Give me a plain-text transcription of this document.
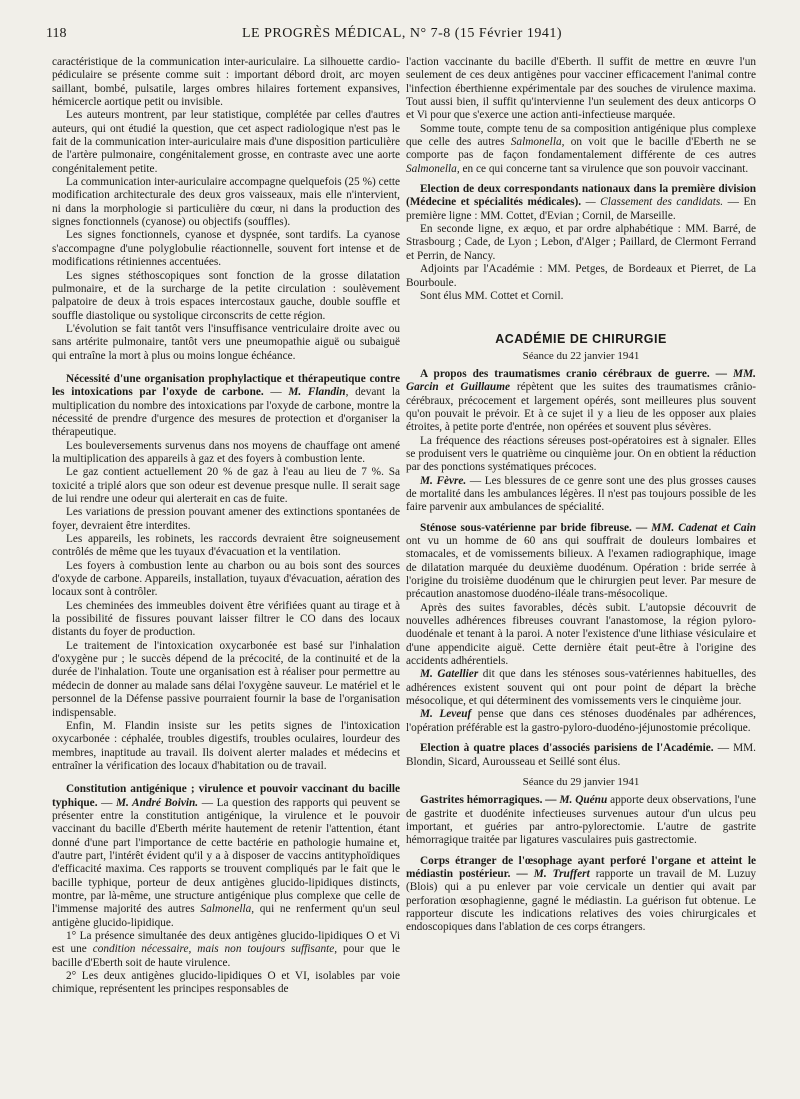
118	LE PROGRÈS MÉDICAL, N° 7-8 (15 Février 1941)

caractéristique de la communication inter-auriculaire. La silhouette cardio-pédiculaire se présente comme suit : important débord droit, arc moyen saillant, bombé, pulsatile, larges ombres hilaires fortement expansives, hémicercle aortique petit ou invisible.

Les auteurs montrent, par leur statistique, complétée par celles d'autres auteurs, qui ont étudié la question, que cet aspect radiologique n'est pas le fait de la communication inter-auriculaire mais d'une disposition particulière de l'artère pulmonaire, congénitalement grosse, en contraste avec une aorte congénitalement petite.

La communication inter-auriculaire accompagne quelquefois (25 %) cette modification architecturale des deux gros vaisseaux, mais elle n'intervient, ni dans la morphologie si particulière du cœur, ni dans la production des signes fonctionnels (cyanose) ou objectifs (souffles).

Les signes fonctionnels, cyanose et dyspnée, sont tardifs. La cyanose s'accompagne d'une polyglobulie réactionnelle, souvent fort intense et de modifications rétiniennes accentuées.

Les signes stéthoscopiques sont fonction de la grosse dilatation pulmonaire, et de la surcharge de la petite circulation : soulèvement palpatoire de deux à trois espaces intercostaux gauche, double souffle et souffle diastolique ou systolique circonscrits de cette région.

L'évolution se fait tantôt vers l'insuffisance ventriculaire droite avec ou sans artérite pulmonaire, tantôt vers une pneumopathie aiguë ou subaiguë qui entraîne la mort à plus ou moins longue échéance.

Nécessité d'une organisation prophylactique et thérapeutique contre les intoxications par l'oxyde de carbone. — M. Flandin, devant la multiplication du nombre des intoxications par l'oxyde de carbone, montre la nécessité de prendre d'urgence des mesures de protection et d'organiser la thérapeutique.

Les bouleversements survenus dans nos moyens de chauffage ont amené la multiplication des appareils à gaz et des foyers à combustion lente.

Le gaz contient actuellement 20 % de gaz à l'eau au lieu de 7 %. Sa toxicité a triplé alors que son odeur est devenue presque nulle. Il serait sage de lui rendre une odeur qui alerterait en cas de fuite.

Les variations de pression pouvant amener des extinctions spontanées de foyer, devraient être interdites.

Les appareils, les robinets, les raccords devraient être soigneusement contrôlés de même que les tuyaux d'évacuation et la ventilation.

Les foyers à combustion lente au charbon ou au bois sont des sources d'oxyde de carbone. Appareils, installation, tuyaux d'évacuation, aération des locaux sont à contrôler.

Les cheminées des immeubles doivent être vérifiées quant au tirage et à la possibilité de fissures pouvant laisser filtrer le CO dans des locaux distants du foyer de production.

Le traitement de l'intoxication oxycarbonée est basé sur l'inhalation d'oxygène pur ; le succès dépend de la précocité, de la continuité et de la durée de l'inhalation. Toute une organisation est à réaliser pour permettre au médecin de donner au malade sans délai l'oxygène sauveur. Le matériel et le personnel de la Défense passive pourraient fournir la base de l'organisation indispensable.

Enfin, M. Flandin insiste sur les petits signes de l'intoxication oxycarbonée : céphalée, troubles digestifs, troubles oculaires, lourdeur des membres, inaptitude au travail. Ils doivent alerter malades et médecins et entraîner la vérification des locaux d'habitation ou de travail.

Constitution antigénique ; virulence et pouvoir vaccinant du bacille typhique. — M. André Boivin. — La question des rapports qui peuvent se présenter entre la constitution antigénique, la virulence et le pouvoir vaccinant du bacille d'Eberth mérite hautement de retenir l'attention, étant donné d'une part l'importance de cette bactérie en pathologie humaine et, d'autre part, l'intérêt évident qu'il y a à disposer de vaccins antityphoïdiques d'efficacité maxima. Ces rapports se trouvent compliqués par le fait que le bacille typhique, porteur de deux antigènes glucido-lipidiques distincts, montre, par là-même, une structure antigénique plus complexe que celle de l'immense majorité des autres Salmonella, qui ne renferment qu'un seul antigène glucido-lipidique.

1° La présence simultanée des deux antigènes glucido-lipidiques O et Vi est une condition nécessaire, mais non toujours suffisante, pour que le bacille d'Eberth soit de haute virulence.

2° Les deux antigènes glucido-lipidiques O et VI, isolables par voie chimique, représentent les principes responsables de

l'action vaccinante du bacille d'Eberth. Il suffit de mettre en œuvre l'un seulement de ces deux antigènes pour vacciner efficacement l'animal contre l'infection éberthienne expérimentale par des souches de virulence maxima. Tout aussi bien, il suffit qu'intervienne l'un seulement des deux anticorps O et Vi pour que s'exerce une action anti-infectieuse marquée.

Somme toute, compte tenu de sa composition antigénique plus complexe que celle des autres Salmonella, on voit que le bacille d'Eberth ne se comporte pas de façon fondamentalement différente de ces autres Salmonella, en ce qui concerne tant sa virulence que son pouvoir vaccinant.

Election de deux correspondants nationaux dans la première division (Médecine et spécialités médicales). — Classement des candidats. — En première ligne : MM. Cottet, d'Evian ; Cornil, de Marseille.

En seconde ligne, ex æquo, et par ordre alphabétique : MM. Barré, de Strasbourg ; Cade, de Lyon ; Lebon, d'Alger ; Paillard, de Clermont Ferrand et Perrin, de Nancy.

Adjoints par l'Académie : MM. Petges, de Bordeaux et Pierret, de La Bourboule.

Sont élus MM. Cottet et Cornil.

ACADÉMIE DE CHIRURGIE
Séance du 22 janvier 1941

A propos des traumatismes cranio cérébraux de guerre. — MM. Garcin et Guillaume répètent que les suites des traumatismes crânio-cérébraux, précocement et largement opérés, sont meilleures plus souvent qu'on pouvait le prévoir. Et à ce sujet il y a lieu de les opposer aux plaies étroites, à petite porte d'entrée, non opérées et souvent plus sévères.

La fréquence des réactions séreuses post-opératoires est à signaler. Elles se produisent vers le quatrième ou cinquième jour. On en obtient la réduction par des ponctions systématiques précoces.

M. Fèvre. — Les blessures de ce genre sont une des plus grosses causes de mortalité dans les ambulances légères. Il n'est pas toujours possible de les faire parvenir aux ambulances de spécialité.

Sténose sous-vatérienne par bride fibreuse. — MM. Cadenat et Cain ont vu un homme de 60 ans qui souffrait de douleurs lombaires et stomacales, et de vomissements bilieux. A l'examen radiographique, image de dilatation marquée du deuxième duodénum. Opération : bride serrée à l'origine du troisième duodénum que le chirurgien peut lever. Par mesure de précaution anastomose duodéno-iléale trans-mésocolique.

Après des suites favorables, décès subit. L'autopsie découvrit de nouvelles adhérences fibreuses couvrant l'anastomose, la région pyloro-duodénale et tenant à la paroi. A noter l'existence d'une lithiase vésiculaire et d'une appendicite aiguë. Cette dernière était peut-être à l'origine des accidents adhérentiels.

M. Gatellier dit que dans les sténoses sous-vatériennes habituelles, des adhérences existent souvent qui ont pour point de départ la brèche mésocolique, et qui déterminent des vomissements vers le cinquième jour.

M. Leveuf pense que dans ces sténoses duodénales par adhérences, l'opération préférable est la gastro-pyloro-duodéno-jéjunostomie précolique.

Election à quatre places d'associés parisiens de l'Académie. — MM. Blondin, Sicard, Aurousseau et Seillé sont élus.

Séance du 29 janvier 1941

Gastrites hémorragiques. — M. Quénu apporte deux observations, l'une de gastrite et duodénite infectieuses survenues autour d'un ulcus peu important, et guéries par antro-pylorectomie. L'autre de gastrite hémorragique traitée par ligatures vasculaires puis gastrectomie.

Corps étranger de l'œsophage ayant perforé l'organe et atteint le médiastin postérieur. — M. Truffert rapporte un travail de M. Luzuy (Blois) qui a pu enlever par voie cervicale un dentier qui avait par perforation œsophagienne, gagné le médiastin. La guérison fut obtenue. Le rapporteur discute les indications relatives des voies chirurgicales et endoscopiques dans l'ablation de ces corps étrangers.
